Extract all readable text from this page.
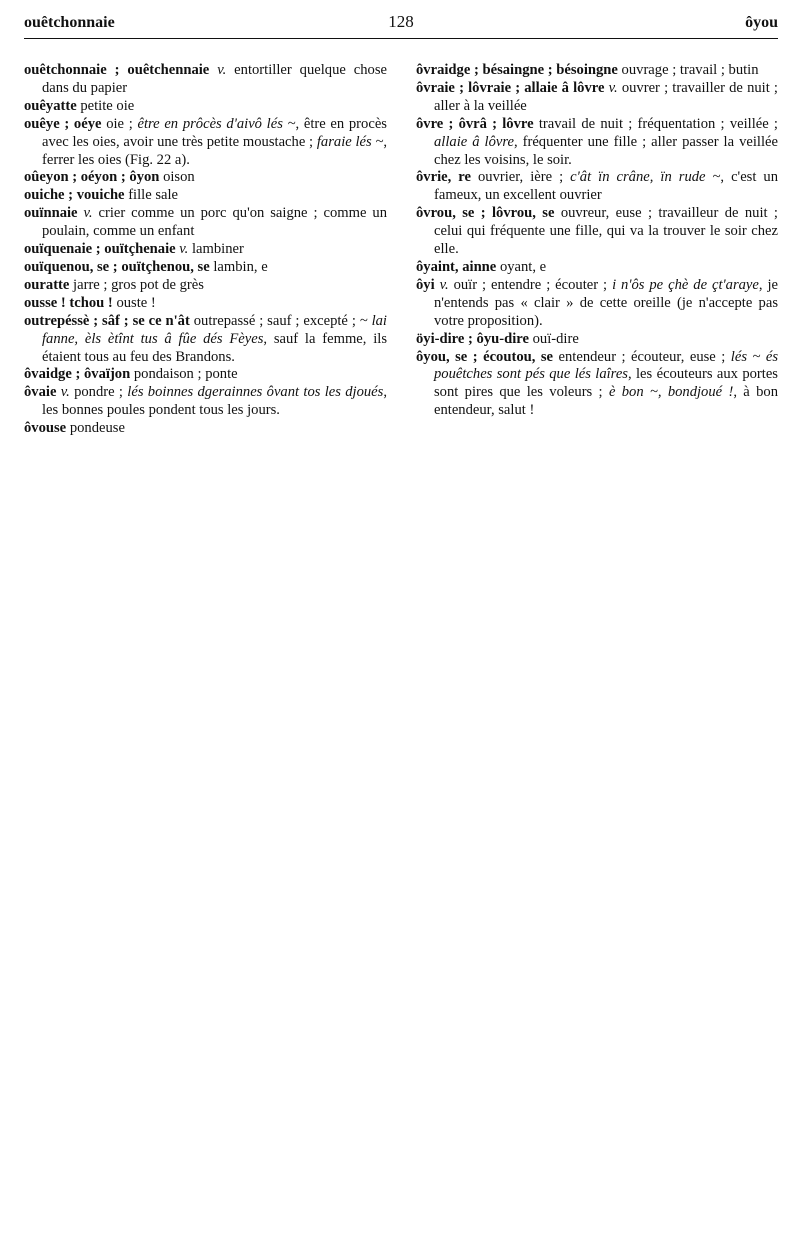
ouêtchonnaie	128	ôyou

ouêtchonnaie ; ouêtchennaie v. entortiller quelque chose dans du papier

ouêyatte petite oie

ouêye ; oéye oie ; être en prôcès d'aivô lés ~, être en procès avec les oies, avoir une très petite moustache ; faraie lés ~, ferrer les oies (Fig. 22 a).

oûeyon ; oéyon ; ôyon oison

ouiche ; vouiche fille sale

ouïnnaie v. crier comme un porc qu'on saigne ; comme un poulain, comme un enfant

ouïquenaie ; ouïtçhenaie v. lambiner

ouïquenou, se ; ouïtçhenou, se lambin, e

ouratte jarre ; gros pot de grès

ousse ! tchou ! ouste !

outrepéssè ; sâf ; se ce n'ât outrepassé ; sauf ; excepté ; ~ lai fanne, èls ètînt tus â fûe dés Fèyes, sauf la femme, ils étaient tous au feu des Brandons.

ôvaidge ; ôvaïjon pondaison ; ponte

ôvaie v. pondre ; lés boinnes dgerainnes ôvant tos les djoués, les bonnes poules pondent tous les jours.

ôvouse pondeuse

ôvraidge ; bésaingne ; bésoingne ouvrage ; travail ; butin

ôvraie ; lôvraie ; allaie â lôvre v. ouvrer ; travailler de nuit ; aller à la veillée

ôvre ; ôvrâ ; lôvre travail de nuit ; fréquentation ; veillée ; allaie â lôvre, fréquenter une fille ; aller passer la veillée chez les voisins, le soir.

ôvrie, re ouvrier, ière ; c'ât ïn crâne, ïn rude ~, c'est un fameux, un excellent ouvrier

ôvrou, se ; lôvrou, se ouvreur, euse ; travailleur de nuit ; celui qui fréquente une fille, qui va la trouver le soir chez elle.

ôyaint, ainne oyant, e

ôyi v. ouïr ; entendre ; écouter ; i n'ôs pe çhè de çt'araye, je n'entends pas « clair » de cette oreille (je n'accepte pas votre proposition).

öyi-dire ; ôyu-dire ouï-dire

ôyou, se ; écoutou, se entendeur ; écouteur, euse ; lés ~ és pouêtches sont pés que lés laîres, les écouteurs aux portes sont pires que les voleurs ; è bon ~, bondjoué !, à bon entendeur, salut !
